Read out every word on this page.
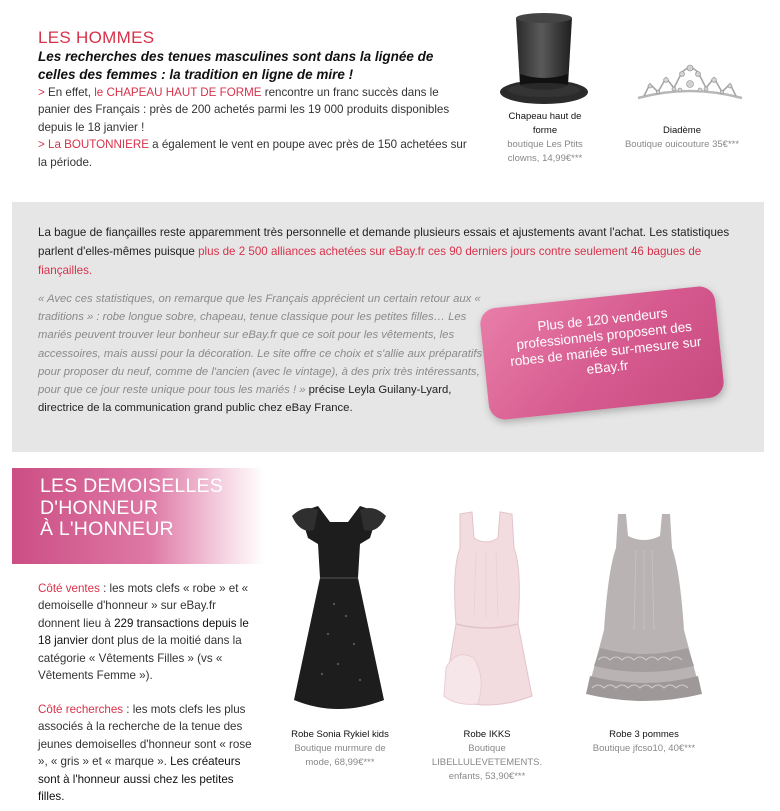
LES HOMMES
Les recherches des tenues masculines sont dans la lignée de celles des femmes : la tradition en ligne de mire !
> En effet, le CHAPEAU HAUT DE FORME rencontre un franc succès dans le panier des Français : près de 200 achetés parmi les 19 000 produits disponibles depuis le 18 janvier !
> La BOUTONNIERE a également le vent en poupe avec près de 150 achetées sur la période.
Chapeau haut de forme
boutique Les Ptits clowns, 14,99€***
Diadème
Boutique ouicouture 35€***
La bague de fiançailles reste apparemment très personnelle et demande plusieurs essais et ajustements avant l'achat. Les statistiques parlent d'elles-mêmes puisque plus de 2 500 alliances achetées sur eBay.fr ces 90 derniers jours contre seulement 46 bagues de fiançailles.
« Avec ces statistiques, on remarque que les Français apprécient un certain retour aux « traditions » : robe longue sobre, chapeau, tenue classique pour les petites filles… Les mariés peuvent trouver leur bonheur sur eBay.fr que ce soit pour les vêtements, les accessoires, mais aussi pour la décoration. Le site offre ce choix et s'allie aux préparatifs pour proposer du neuf, comme de l'ancien (avec le vintage), à des prix très intéressants, pour que ce jour reste unique pour tous les mariés ! » précise Leyla Guilany-Lyard, directrice de la communication grand public chez eBay France.
Plus de 120 vendeurs professionnels proposent des robes de mariée sur-mesure sur eBay.fr
LES DEMOISELLES
D'HONNEUR
À L'HONNEUR
Côté ventes : les mots clefs « robe » et « demoiselle d'honneur » sur eBay.fr donnent lieu à 229 transactions depuis le 18 janvier dont plus de la moitié dans la catégorie « Vêtements Filles » (vs « Vêtements Femme »).
Côté recherches : les mots clefs les plus associés à la recherche de la tenue des jeunes demoiselles d'honneur sont « rose », « gris » et « marque ». Les créateurs sont à l'honneur aussi chez les petites filles.
Robe Sonia Rykiel kids
Boutique murmure de mode, 68,99€***
Robe IKKS
Boutique LIBELLULEVETEMENTS. enfants, 53,90€***
Robe 3 pommes
Boutique jfcso10, 40€***
